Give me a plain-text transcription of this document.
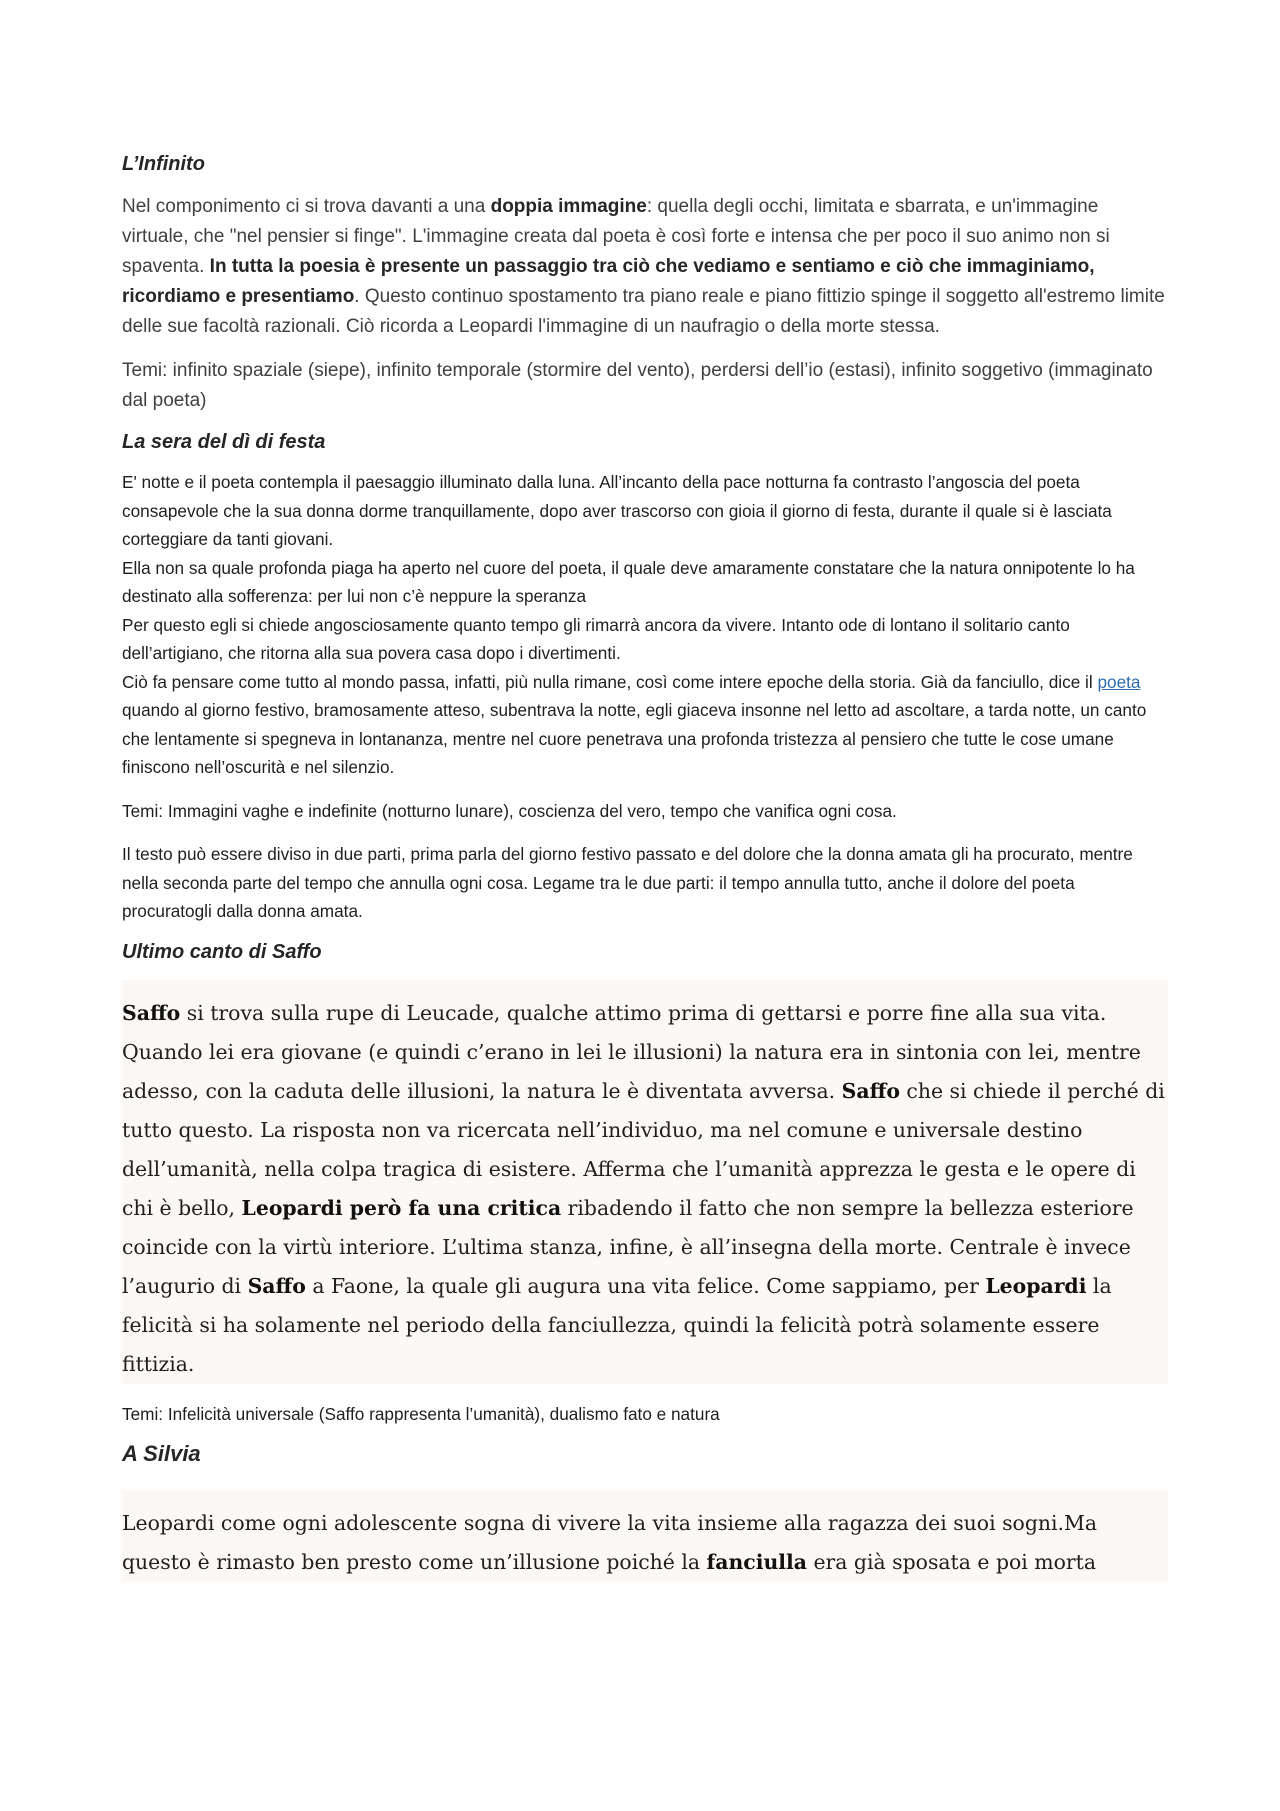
L’Infinito

Nel componimento ci si trova davanti a una doppia immagine: quella degli occhi, limitata e sbarrata, e un'immagine virtuale, che "nel pensier si finge". L'immagine creata dal poeta è così forte e intensa che per poco il suo animo non si spaventa. In tutta la poesia è presente un passaggio tra ciò che vediamo e sentiamo e ciò che immaginiamo, ricordiamo e presentiamo. Questo continuo spostamento tra piano reale e piano fittizio spinge il soggetto all'estremo limite delle sue facoltà razionali. Ciò ricorda a Leopardi l'immagine di un naufragio o della morte stessa.

Temi: infinito spaziale (siepe), infinito temporale (stormire del vento), perdersi dell’io (estasi), infinito soggetivo (immaginato dal poeta)

La sera del dì di festa

E' notte e il poeta contempla il paesaggio illuminato dalla luna. All’incanto della pace notturna fa contrasto l’angoscia del poeta consapevole che la sua donna dorme tranquillamente, dopo aver trascorso con gioia il giorno di festa, durante il quale si è lasciata corteggiare da tanti giovani.
Ella non sa quale profonda piaga ha aperto nel cuore del poeta, il quale deve amaramente constatare che la natura onnipotente lo ha destinato alla sofferenza: per lui non c’è neppure la speranza
Per questo egli si chiede angosciosamente quanto tempo gli rimarrà ancora da vivere. Intanto ode di lontano il solitario canto dell’artigiano, che ritorna alla sua povera casa dopo i divertimenti.
Ciò fa pensare come tutto al mondo passa, infatti, più nulla rimane, così come intere epoche della storia. Già da fanciullo, dice il poeta quando al giorno festivo, bramosamente atteso, subentrava la notte, egli giaceva insonne nel letto ad ascoltare, a tarda notte, un canto che lentamente si spegneva in lontananza, mentre nel cuore penetrava una profonda tristezza al pensiero che tutte le cose umane finiscono nell’oscurità e nel silenzio.

Temi: Immagini vaghe e indefinite (notturno lunare), coscienza del vero, tempo che vanifica ogni cosa.

Il testo può essere diviso in due parti, prima parla del giorno festivo passato e del dolore che la donna amata gli ha procurato, mentre nella seconda parte del tempo che annulla ogni cosa. Legame tra le due parti: il tempo annulla tutto, anche il dolore del poeta procuratogli dalla donna amata.

Ultimo canto di Saffo
Saffo si trova sulla rupe di Leucade, qualche attimo prima di gettarsi e porre fine alla sua vita. Quando lei era giovane (e quindi c’erano in lei le illusioni) la natura era in sintonia con lei, mentre adesso, con la caduta delle illusioni, la natura le è diventata avversa. Saffo che si chiede il perché di tutto questo. La risposta non va ricercata nell’individuo, ma nel comune e universale destino dell’umanità, nella colpa tragica di esistere. Afferma che l’umanità apprezza le gesta e le opere di chi è bello, Leopardi però fa una critica ribadendo il fatto che non sempre la bellezza esteriore coincide con la virtù interiore. L’ultima stanza, infine, è all’insegna della morte. Centrale è invece l’augurio di Saffo a Faone, la quale gli augura una vita felice. Come sappiamo, per Leopardi la felicità si ha solamente nel periodo della fanciullezza, quindi la felicità potrà solamente essere fittizia.

Temi: Infelicità universale (Saffo rappresenta l’umanità), dualismo fato e natura

A Silvia
Leopardi come ogni adolescente sogna di vivere la vita insieme alla ragazza dei suoi sogni.Ma questo è rimasto ben presto come un’illusione poiché la fanciulla era già sposata e poi morta
